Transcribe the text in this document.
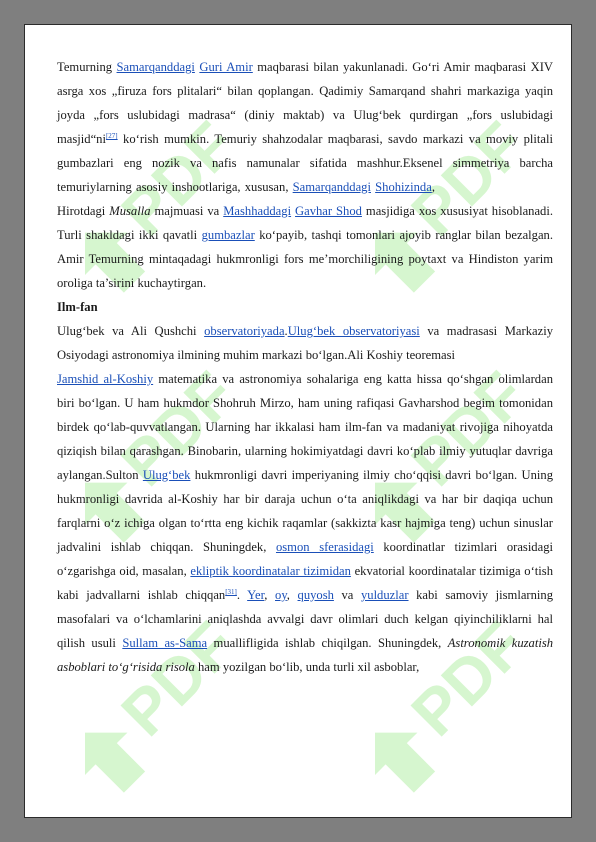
PDF

Temurning Samarqanddagi Guri Amir maqbarasi bilan yakunlanadi. Go‘ri Amir maqbarasi XIV asrga xos „firuza fors plitalari“ bilan qoplangan. Qadimiy Samarqand shahri markaziga yaqin joyda „fors uslubidagi madrasa“ (diniy maktab) va Ulug‘bek qurdirgan „fors uslubidagi masjid“ni[27] ko‘rish mumkin. Temuriy shahzodalar maqbarasi, savdo markazi va moviy plitali gumbazlari eng nozik va nafis namunalar sifatida mashhur.Eksenel simmetriya barcha temuriylarning asosiy inshootlariga, xususan, Samarqanddagi Shohizinda,Hirotdagi Musalla majmuasi va Mashhaddagi Gavhar Shod masjidiga xos xususiyat hisoblanadi. Turli shakldagi ikki qavatli gumbazlar ko‘payib, tashqi tomonlari ajoyib ranglar bilan bezalgan. Amir Temurning mintaqadagi hukmronligi fors me’morchiligining poytaxt va Hindiston yarim oroliga ta’sirini kuchaytirgan.

Ilm-fan

Ulug‘bek va Ali Qushchi observatoriyada.Ulug‘bek observatoriyasi va madrasasi Markaziy Osiyodagi astronomiya ilmining muhim markazi bo‘lgan.Ali Koshiy teoremasi

Jamshid al-Koshiy matematika va astronomiya sohalariga eng katta hissa qo‘shgan olimlardan biri bo‘lgan. U ham hukmdor Shohruh Mirzo, ham uning rafiqasi Gavharshod begim tomonidan birdek qo‘lab-quvvatlangan. Ularning har ikkalasi ham ilm-fan va madaniyat rivojiga nihoyatda qiziqish bilan qarashgan. Binobarin, ularning hokimiyatdagi davri ko‘plab ilmiy yutuqlar davriga aylangan.Sulton Ulug‘bek hukmronligi davri imperiyaning ilmiy cho‘qqisi davri bo‘lgan. Uning hukmronligi davrida al-Koshiy har bir daraja uchun o‘ta aniqlikdagi va har bir daqiqa uchun farqlarni o‘z ichiga olgan to‘rtta eng kichik raqamlar (sakkizta kasr hajmiga teng) uchun sinuslar jadvalini ishlab chiqqan. Shuningdek, osmon sferasidagi koordinatlar tizimlari orasidagi o‘zgarishga oid, masalan, ekliptik koordinatalar tizimidan ekvatorial koordinatalar tizimiga o‘tish kabi jadvallarni ishlab chiqqan[31]. Yer, oy, quyosh va yulduzlar kabi samoviy jismlarning masofalari va o‘lchamlarini aniqlashda avvalgi davr olimlari duch kelgan qiyinchiliklarni hal qilish usuli Sullam as-Sama muallifligida ishlab chiqilgan. Shuningdek, Astronomik kuzatish asboblari to‘g‘risida risola ham yozilgan bo‘lib, unda turli xil asboblar,
